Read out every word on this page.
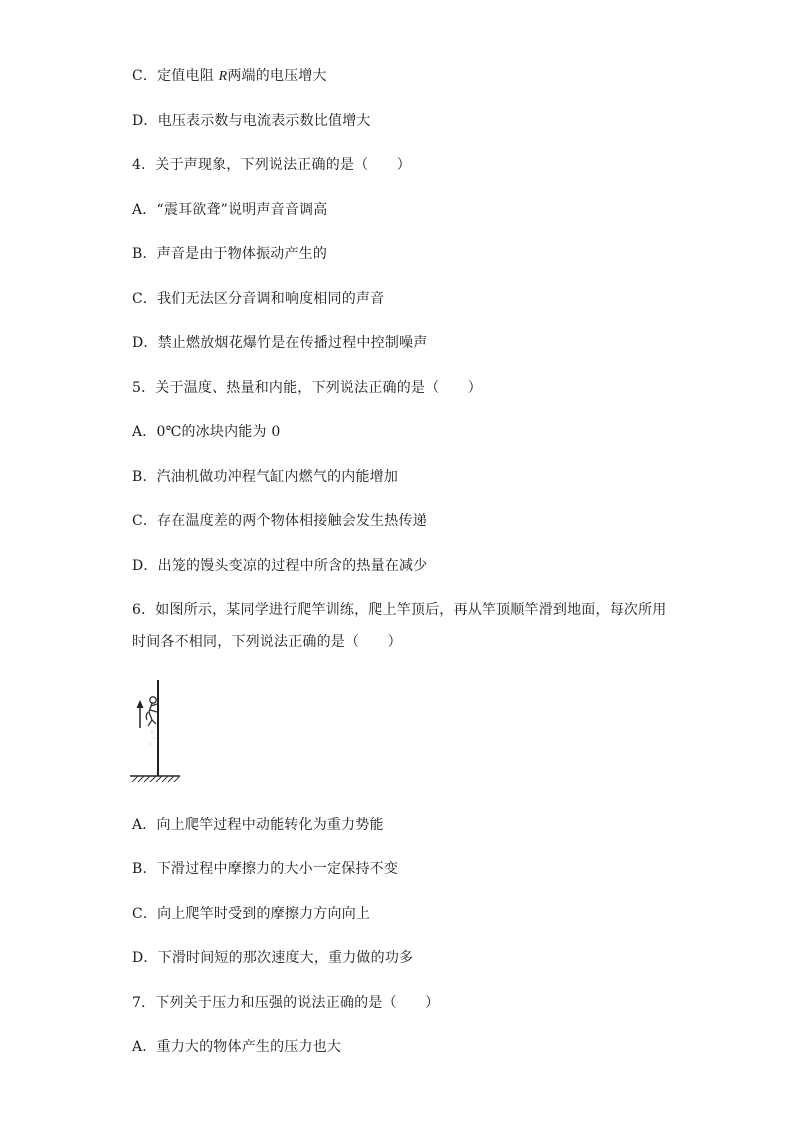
C．定值电阻 R两端的电压增大
D．电压表示数与电流表示数比值增大
4．关于声现象，下列说法正确的是（　　）
A．“震耳欲聋”说明声音音调高
B．声音是由于物体振动产生的
C．我们无法区分音调和响度相同的声音
D．禁止燃放烟花爆竹是在传播过程中控制噪声
5．关于温度、热量和内能，下列说法正确的是（　　）
A．0℃的冰块内能为 0
B．汽油机做功冲程气缸内燃气的内能增加
C．存在温度差的两个物体相接触会发生热传递
D．出笼的馒头变凉的过程中所含的热量在减少
6．如图所示，某同学进行爬竿训练，爬上竿顶后，再从竿顶顺竿滑到地面，每次所用
时间各不相同，下列说法正确的是（　　）
A．向上爬竿过程中动能转化为重力势能
B．下滑过程中摩擦力的大小一定保持不变
C．向上爬竿时受到的摩擦力方向向上
D．下滑时间短的那次速度大，重力做的功多
7．下列关于压力和压强的说法正确的是（　　）
A．重力大的物体产生的压力也大
